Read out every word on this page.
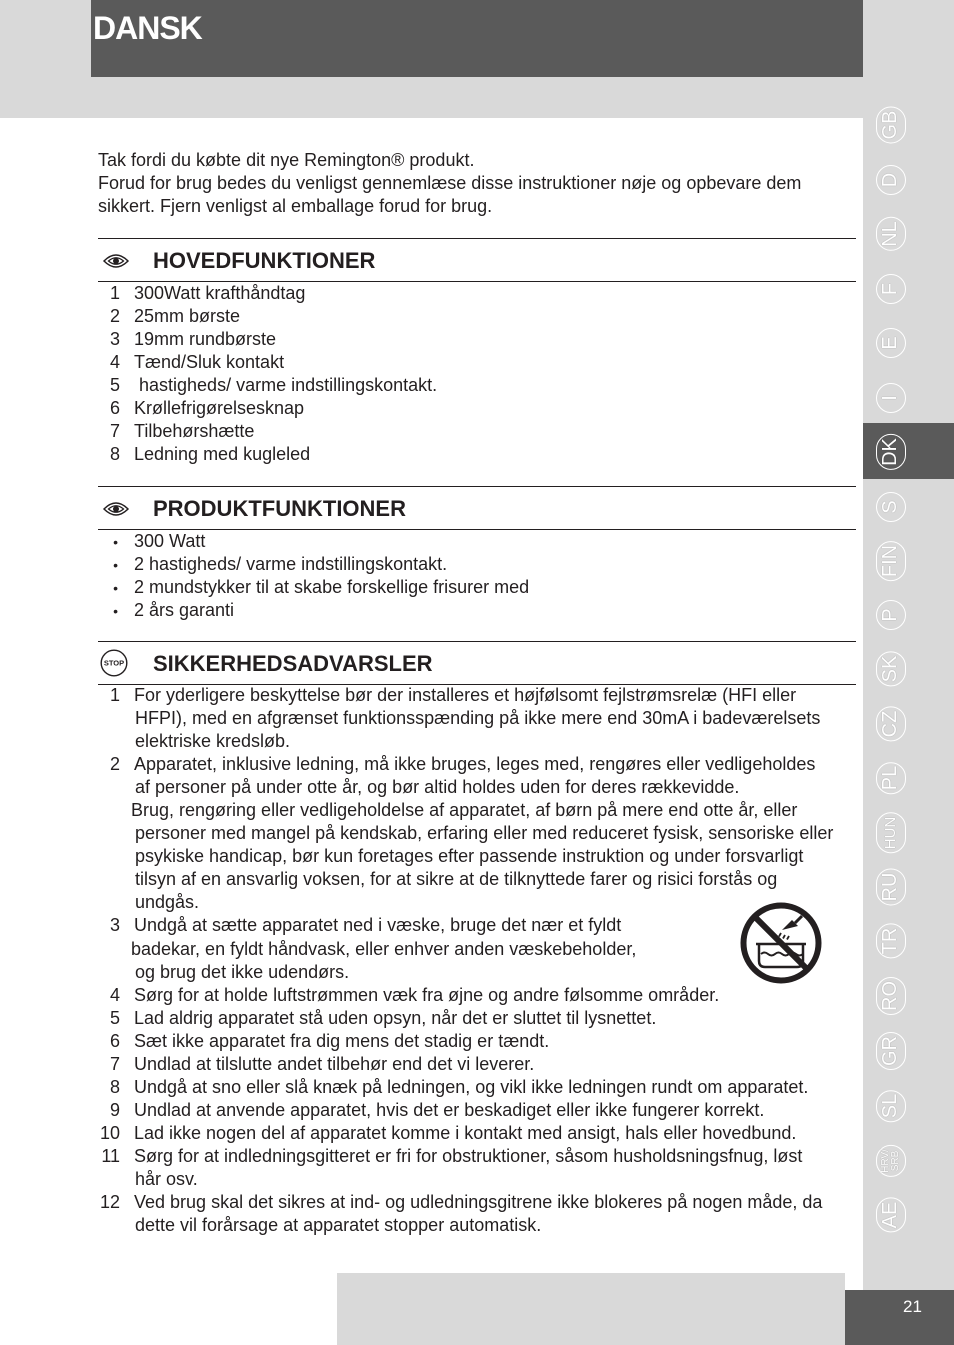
DANSK
21
GB
D
NL
F
E
I
DK
S
FIN
P
SK
CZ
PL
HUN
RU
TR
RO
GR
SL
HRV/ SRB
AE
Tak fordi du købte dit nye Remington® produkt.
Forud for brug bedes du venligst gennemlæse disse instruktioner nøje og opbevare dem
sikkert. Fjern venligst al emballage forud for brug.
HOVEDFUNKTIONER
1 300Watt krafthåndtag
2 25mm børste
3 19mm rundbørste
4 Tænd/Sluk kontakt
5 hastigheds/ varme indstillingskontakt.
6 Krøllefrigørelsesknap
7 Tilbehørshætte
8 Ledning med kugleled
PRODUKTFUNKTIONER
• 300 Watt
• 2 hastigheds/ varme indstillingskontakt.
• 2 mundstykker til at skabe forskellige frisurer med
• 2 års garanti
STOP SIKKERHEDSADVARSLER
1 For yderligere beskyttelse bør der installeres et højfølsomt fejlstrømsrelæ (HFI eller
HFPI), med en afgrænset funktionsspænding på ikke mere end 30mA i badeværelsets
elektriske kredsløb.
2 Apparatet, inklusive ledning, må ikke bruges, leges med, rengøres eller vedligeholdes
af personer på under otte år, og bør altid holdes uden for deres rækkevidde.
Brug, rengøring eller vedligeholdelse af apparatet, af børn på mere end otte år, eller
personer med mangel på kendskab, erfaring eller med reduceret fysisk, sensoriske eller
psykiske handicap, bør kun foretages efter passende instruktion og under forsvarligt
tilsyn af en ansvarlig voksen, for at sikre at de tilknyttede farer og risici forstås og
undgås.
3 Undgå at sætte apparatet ned i væske, bruge det nær et fyldt
badekar, en fyldt håndvask, eller enhver anden væskebeholder,
og brug det ikke udendørs.
4 Sørg for at holde luftstrømmen væk fra øjne og andre følsomme områder.
5 Lad aldrig apparatet stå uden opsyn, når det er sluttet til lysnettet.
6 Sæt ikke apparatet fra dig mens det stadig er tændt.
7 Undlad at tilslutte andet tilbehør end det vi leverer.
8 Undgå at sno eller slå knæk på ledningen, og vikl ikke ledningen rundt om apparatet.
9 Undlad at anvende apparatet, hvis det er beskadiget eller ikke fungerer korrekt.
10 Lad ikke nogen del af apparatet komme i kontakt med ansigt, hals eller hovedbund.
11 Sørg for at indledningsgitteret er fri for obstruktioner, såsom husholdsningsfnug, løst
hår osv.
12 Ved brug skal det sikres at ind- og udledningsgitrene ikke blokeres på nogen måde, da
dette vil forårsage at apparatet stopper automatisk.
